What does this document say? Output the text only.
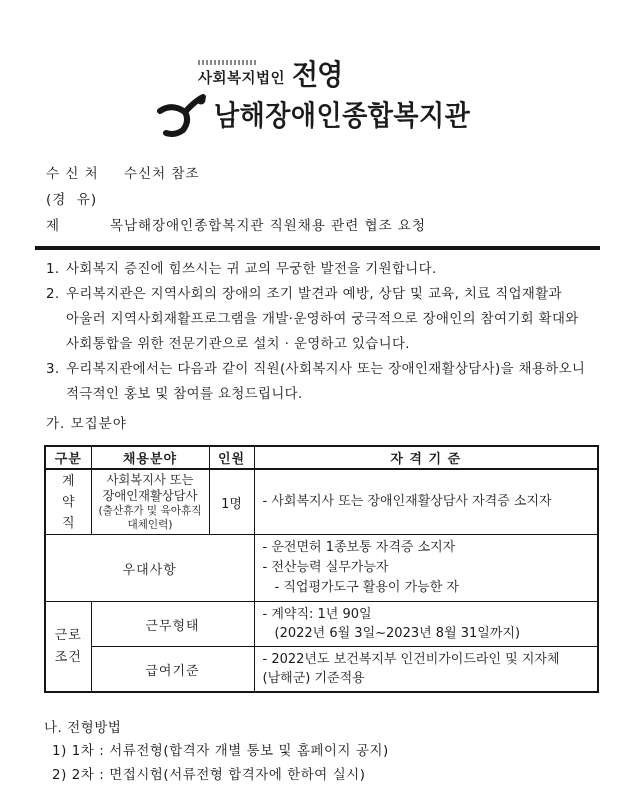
사회복지법인 전영
남해장애인종합복지관
수 신 처	수신처 참조
(경  유)
제	목 남해장애인종합복지관 직원채용 관련 협조 요청
1. 사회복지 증진에 힘쓰시는 귀 교의 무궁한 발전을 기원합니다.
2. 우리복지관은 지역사회의 장애의 조기 발견과 예방, 상담 및 교육, 치료 직업재활과
아울러 지역사회재활프로그램을 개발·운영하여 궁극적으로 장애인의 참여기회 확대와
사회통합을 위한 전문기관으로 설치 · 운영하고 있습니다.
3. 우리복지관에서는 다음과 같이 직원(사회복지사 또는 장애인재활상담사)을 채용하오니
적극적인 홍보 및 참여를 요청드립니다.
가. 모집분야
구분	채용분야	인원	자 격 기 준
계약직	사회복지사 또는
장애인재활상담사
(출산휴가 및 육아휴직
대체인력)	1명	- 사회복지사 또는 장애인재활상담사 자격증 소지자

우대사항			- 운전면허 1종보통 자격증 소지자
- 전산능력 실무가능자
- 직업평가도구 활용이 가능한 자

근로조건	근무형태		- 계약직: 1년 90일
(2022년 6월 3일~2023년 8월 31일까지)

	급여기준		- 2022년도 보건복지부 인건비가이드라인 및 지자체
(남해군) 기준적용
나. 전형방법
1) 1차 : 서류전형(합격자 개별 통보 및 홈페이지 공지)
2) 2차 : 면접시험(서류전형 합격자에 한하여 실시)
